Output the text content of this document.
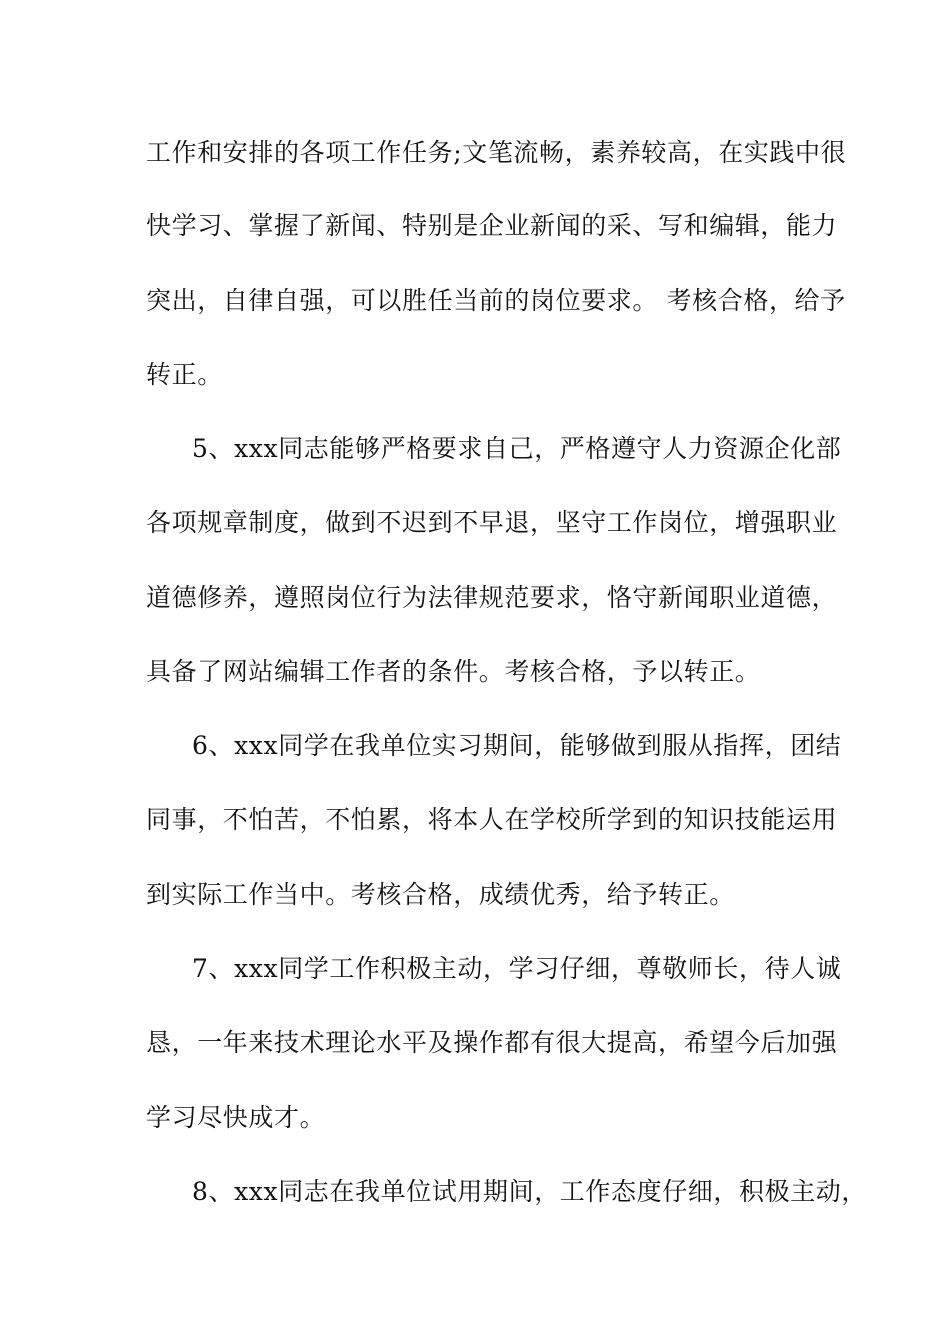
工作和安排的各项工作任务;文笔流畅，素养较高，在实践中很
快学习、掌握了新闻、特别是企业新闻的采、写和编辑，能力
突出，自律自强，可以胜任当前的岗位要求。 考核合格，给予
转正。
5、xxx同志能够严格要求自己，严格遵守人力资源企化部
各项规章制度，做到不迟到不早退，坚守工作岗位，增强职业
道德修养，遵照岗位行为法律规范要求，恪守新闻职业道德，
具备了网站编辑工作者的条件。考核合格，予以转正。
6、xxx同学在我单位实习期间，能够做到服从指挥，团结
同事，不怕苦，不怕累，将本人在学校所学到的知识技能运用
到实际工作当中。考核合格，成绩优秀，给予转正。
7、xxx同学工作积极主动，学习仔细，尊敬师长，待人诚
恳，一年来技术理论水平及操作都有很大提高，希望今后加强
学习尽快成才。
8、xxx同志在我单位试用期间，工作态度仔细，积极主动，
